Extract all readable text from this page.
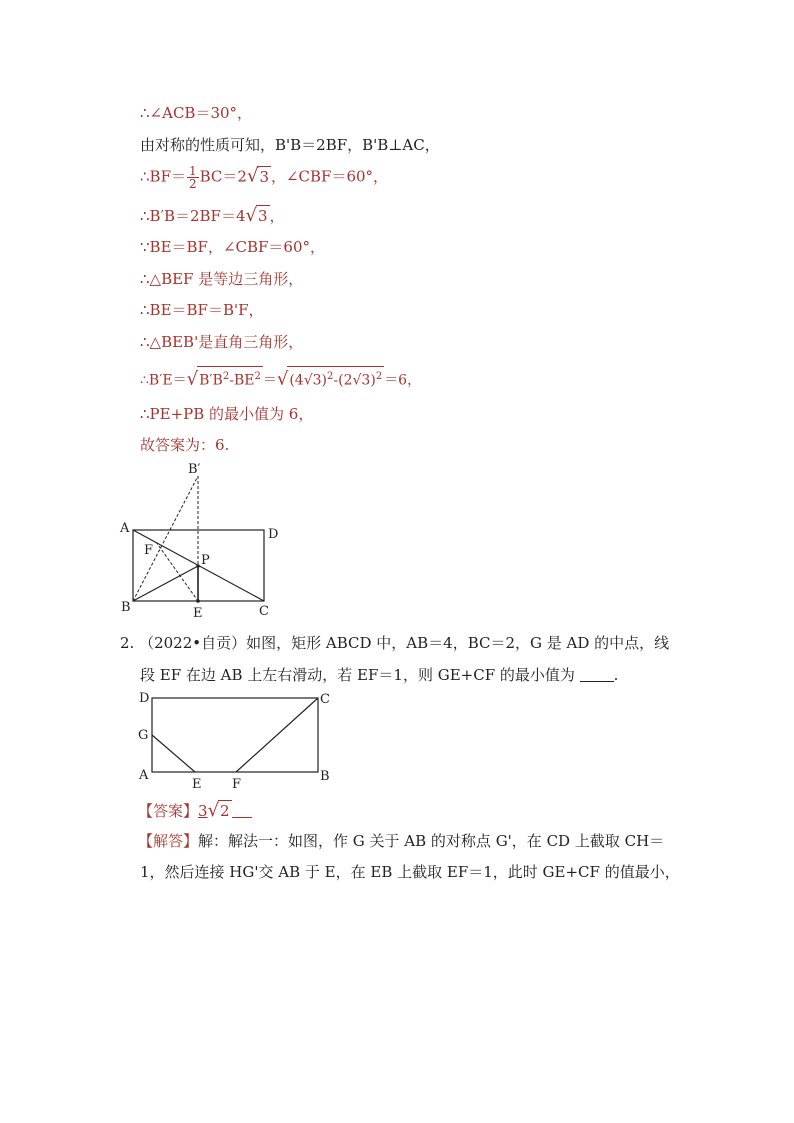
∴∠ACB＝30°，
由对称的性质可知，B'B＝2BF，B'B⊥AC，
∴BF＝ $\frac{1}{2} BC=2√3$ ，∠CBF＝60°，
∴B′B＝2BF＝4√3 ，
∵BE＝BF，∠CBF＝60°，
∴△BEF 是等边三角形，
∴BE＝BF＝B'F，
∴△BEB'是直角三角形，
$\therefore B'E=√B'B^2-BE^2 =√(4√3)^2-(2√3)^2 =6$，
∴PE+PB 的最小值为 6，
故答案为：6.
B′
A	D
F
P
B	E	C
2. （2022•自贡）如图，矩形 ABCD 中，AB＝4，BC＝2，G 是 AD 的中点，线
段 EF 在边 AB 上左右滑动，若 EF＝1，则 GE+CF 的最小值为	.
D	C
G
A
E F
B
【答案】3√2
【解答】解：解法一：如图，作 G 关于 AB 的对称点 G'，在 CD 上截取 CH＝
1，然后连接 HG'交 AB 于 E，在 EB 上截取 EF＝1，此时 GE+CF 的值最小，
